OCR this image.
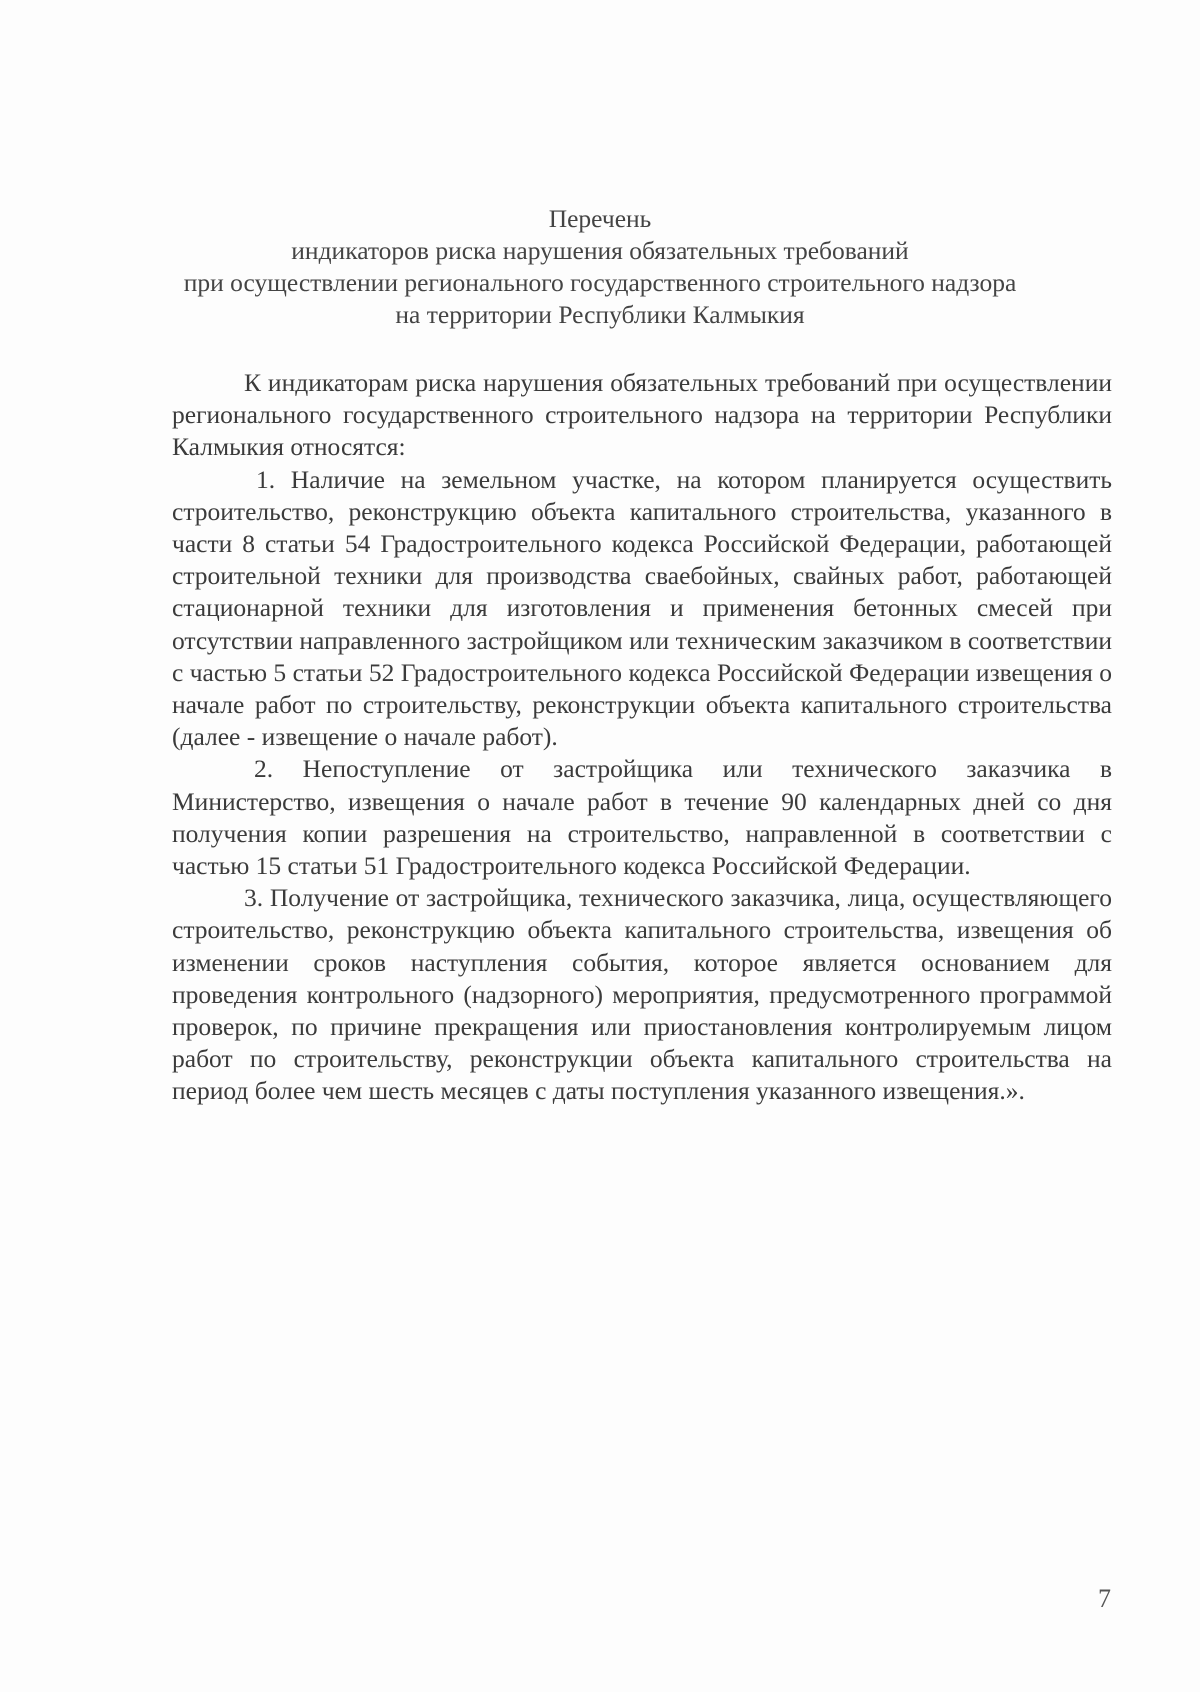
Перечень
индикаторов риска нарушения обязательных требований
при осуществлении регионального государственного строительного надзора
на территории Республики Калмыкия

К индикаторам риска нарушения обязательных требований при осуществлении регионального государственного строительного надзора на территории Республики Калмыкия относятся:

1. Наличие на земельном участке, на котором планируется осуществить строительство, реконструкцию объекта капитального строительства, указанного в части 8 статьи 54 Градостроительного кодекса Российской Федерации, работающей строительной техники для производства сваебойных, свайных работ, работающей стационарной техники для изготовления и применения бетонных смесей при отсутствии направленного застройщиком или техническим заказчиком в соответствии с частью 5 статьи 52 Градостроительного кодекса Российской Федерации извещения о начале работ по строительству, реконструкции объекта капитального строительства (далее - извещение о начале работ).

2. Непоступление от застройщика или технического заказчика в Министерство, извещения о начале работ в течение 90 календарных дней со дня получения копии разрешения на строительство, направленной в соответствии с частью 15 статьи 51 Градостроительного кодекса Российской Федерации.

3. Получение от застройщика, технического заказчика, лица, осуществляющего строительство, реконструкцию объекта капитального строительства, извещения об изменении сроков наступления события, которое является основанием для проведения контрольного (надзорного) мероприятия, предусмотренного программой проверок, по причине прекращения или приостановления контролируемым лицом работ по строительству, реконструкции объекта капитального строительства на период более чем шесть месяцев с даты поступления указанного извещения.».

7
